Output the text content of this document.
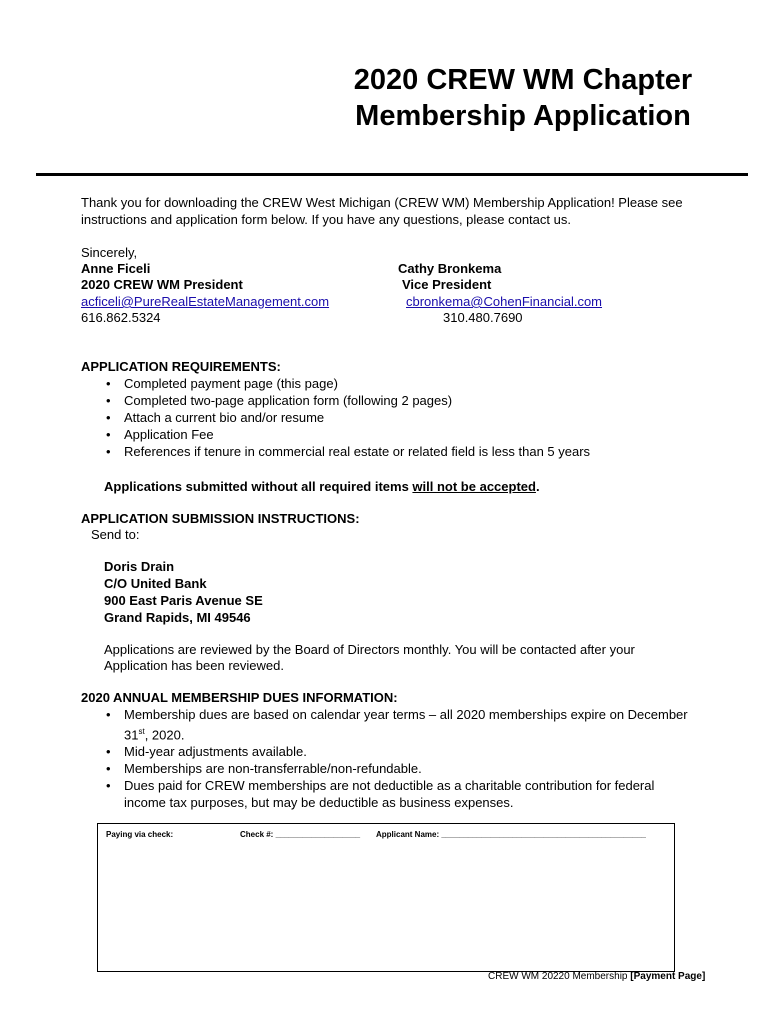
2020 CREW WM Chapter
Membership Application
Thank you for downloading the CREW West Michigan (CREW WM) Membership Application! Please see
instructions and application form below. If you have any questions, please contact us.
Sincerely,
Anne Ficeli
2020 CREW WM President
acficeli@PureRealEstateManagement.com
616.862.5324
Cathy Bronkema
Vice President
cbronkema@CohenFinancial.com
310.480.7690
APPLICATION REQUIREMENTS:
• Completed payment page (this page)
• Completed two-page application form (following 2 pages)
• Attach a current bio and/or resume
• Application Fee
• References if tenure in commercial real estate or related field is less than 5 years
Applications submitted without all required items will not be accepted.
APPLICATION SUBMISSION INSTRUCTIONS:
Send to:
Doris Drain
C/O United Bank
900 East Paris Avenue SE
Grand Rapids, MI 49546
Applications are reviewed by the Board of Directors monthly. You will be contacted after your
Application has been reviewed.
2020 ANNUAL MEMBERSHIP DUES INFORMATION:
• Membership dues are based on calendar year terms – all 2020 memberships expire on December
31st, 2020.
• Mid-year adjustments available.
• Memberships are non-transferrable/non-refundable.
• Dues paid for CREW memberships are not deductible as a charitable contribution for federal
income tax purposes, but may be deductible as business expenses.
Paying via check:	Check #: ___________________ Applicant Name: ______________________________________________
CREW WM 20220 Membership [Payment Page]
